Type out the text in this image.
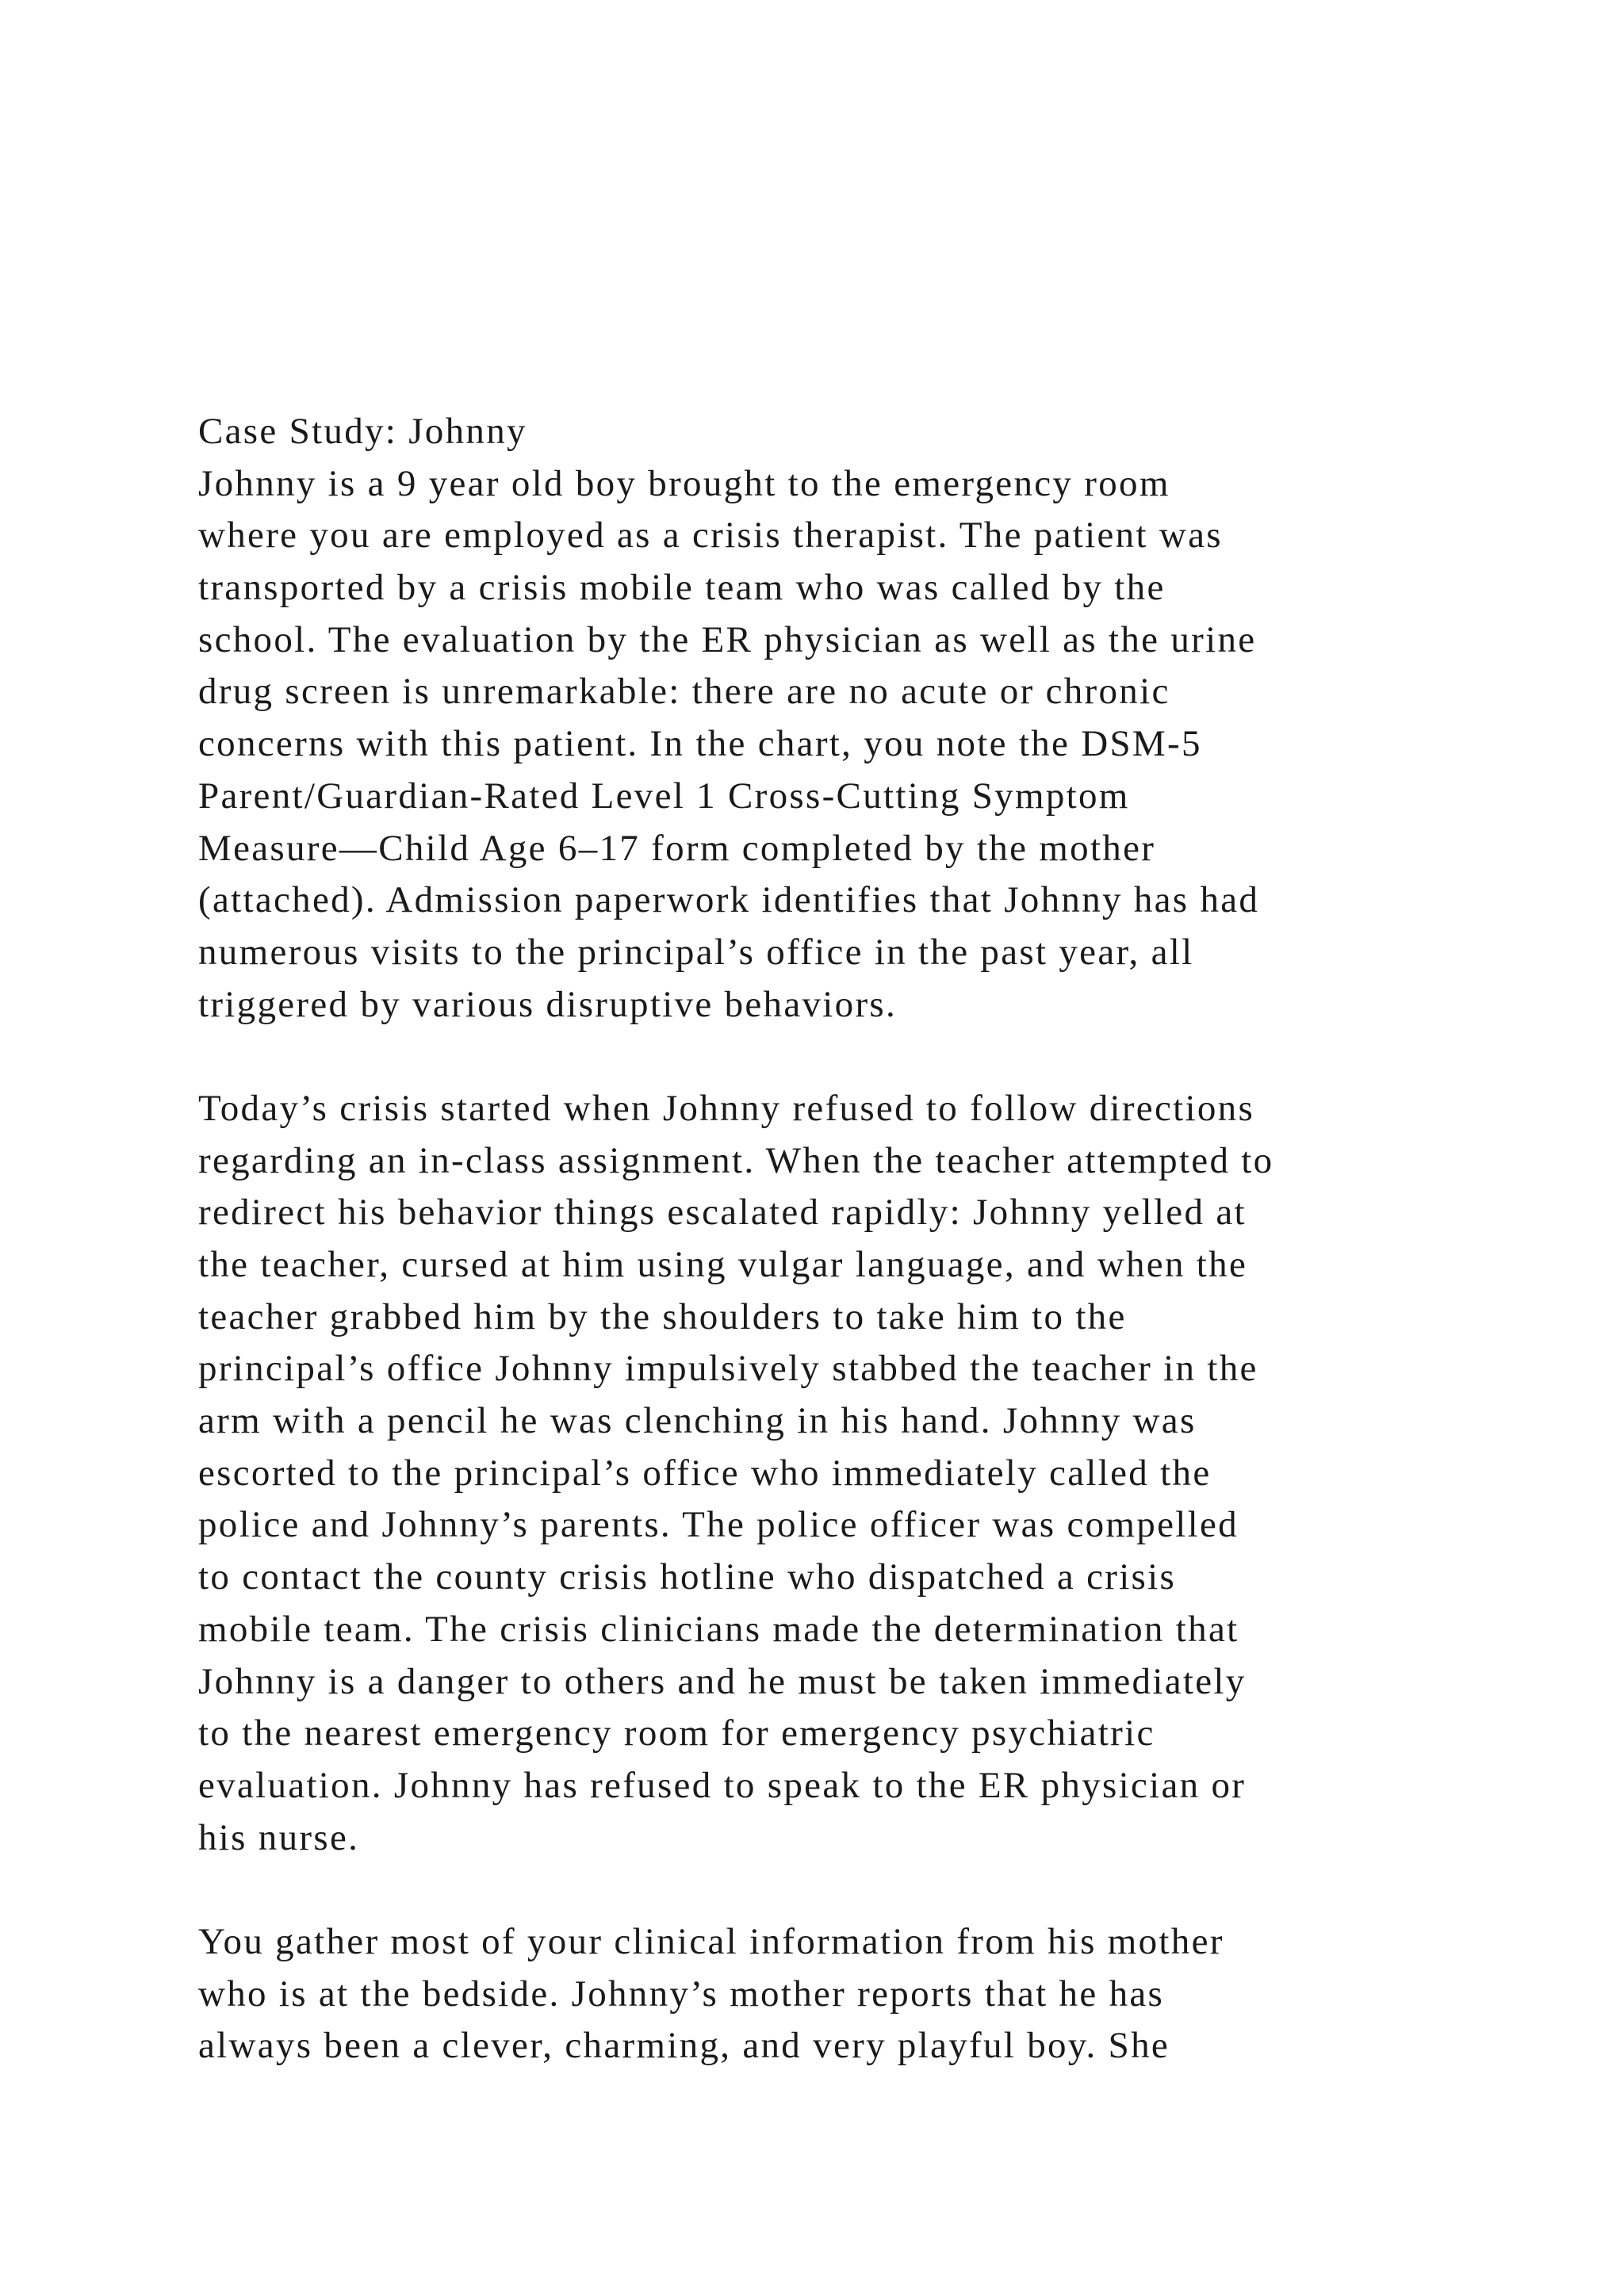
Case Study: Johnny
Johnny is a 9 year old boy brought to the emergency room
where you are employed as a crisis therapist. The patient was
transported by a crisis mobile team who was called by the
school. The evaluation by the ER physician as well as the urine
drug screen is unremarkable: there are no acute or chronic
concerns with this patient. In the chart, you note the DSM-5
Parent/Guardian-Rated Level 1 Cross-Cutting Symptom
Measure—Child Age 6–17 form completed by the mother
(attached). Admission paperwork identifies that Johnny has had
numerous visits to the principal’s office in the past year, all
triggered by various disruptive behaviors.
Today’s crisis started when Johnny refused to follow directions
regarding an in-class assignment. When the teacher attempted to
redirect his behavior things escalated rapidly: Johnny yelled at
the teacher, cursed at him using vulgar language, and when the
teacher grabbed him by the shoulders to take him to the
principal’s office Johnny impulsively stabbed the teacher in the
arm with a pencil he was clenching in his hand. Johnny was
escorted to the principal’s office who immediately called the
police and Johnny’s parents. The police officer was compelled
to contact the county crisis hotline who dispatched a crisis
mobile team. The crisis clinicians made the determination that
Johnny is a danger to others and he must be taken immediately
to the nearest emergency room for emergency psychiatric
evaluation. Johnny has refused to speak to the ER physician or
his nurse.
You gather most of your clinical information from his mother
who is at the bedside. Johnny’s mother reports that he has
always been a clever, charming, and very playful boy. She
